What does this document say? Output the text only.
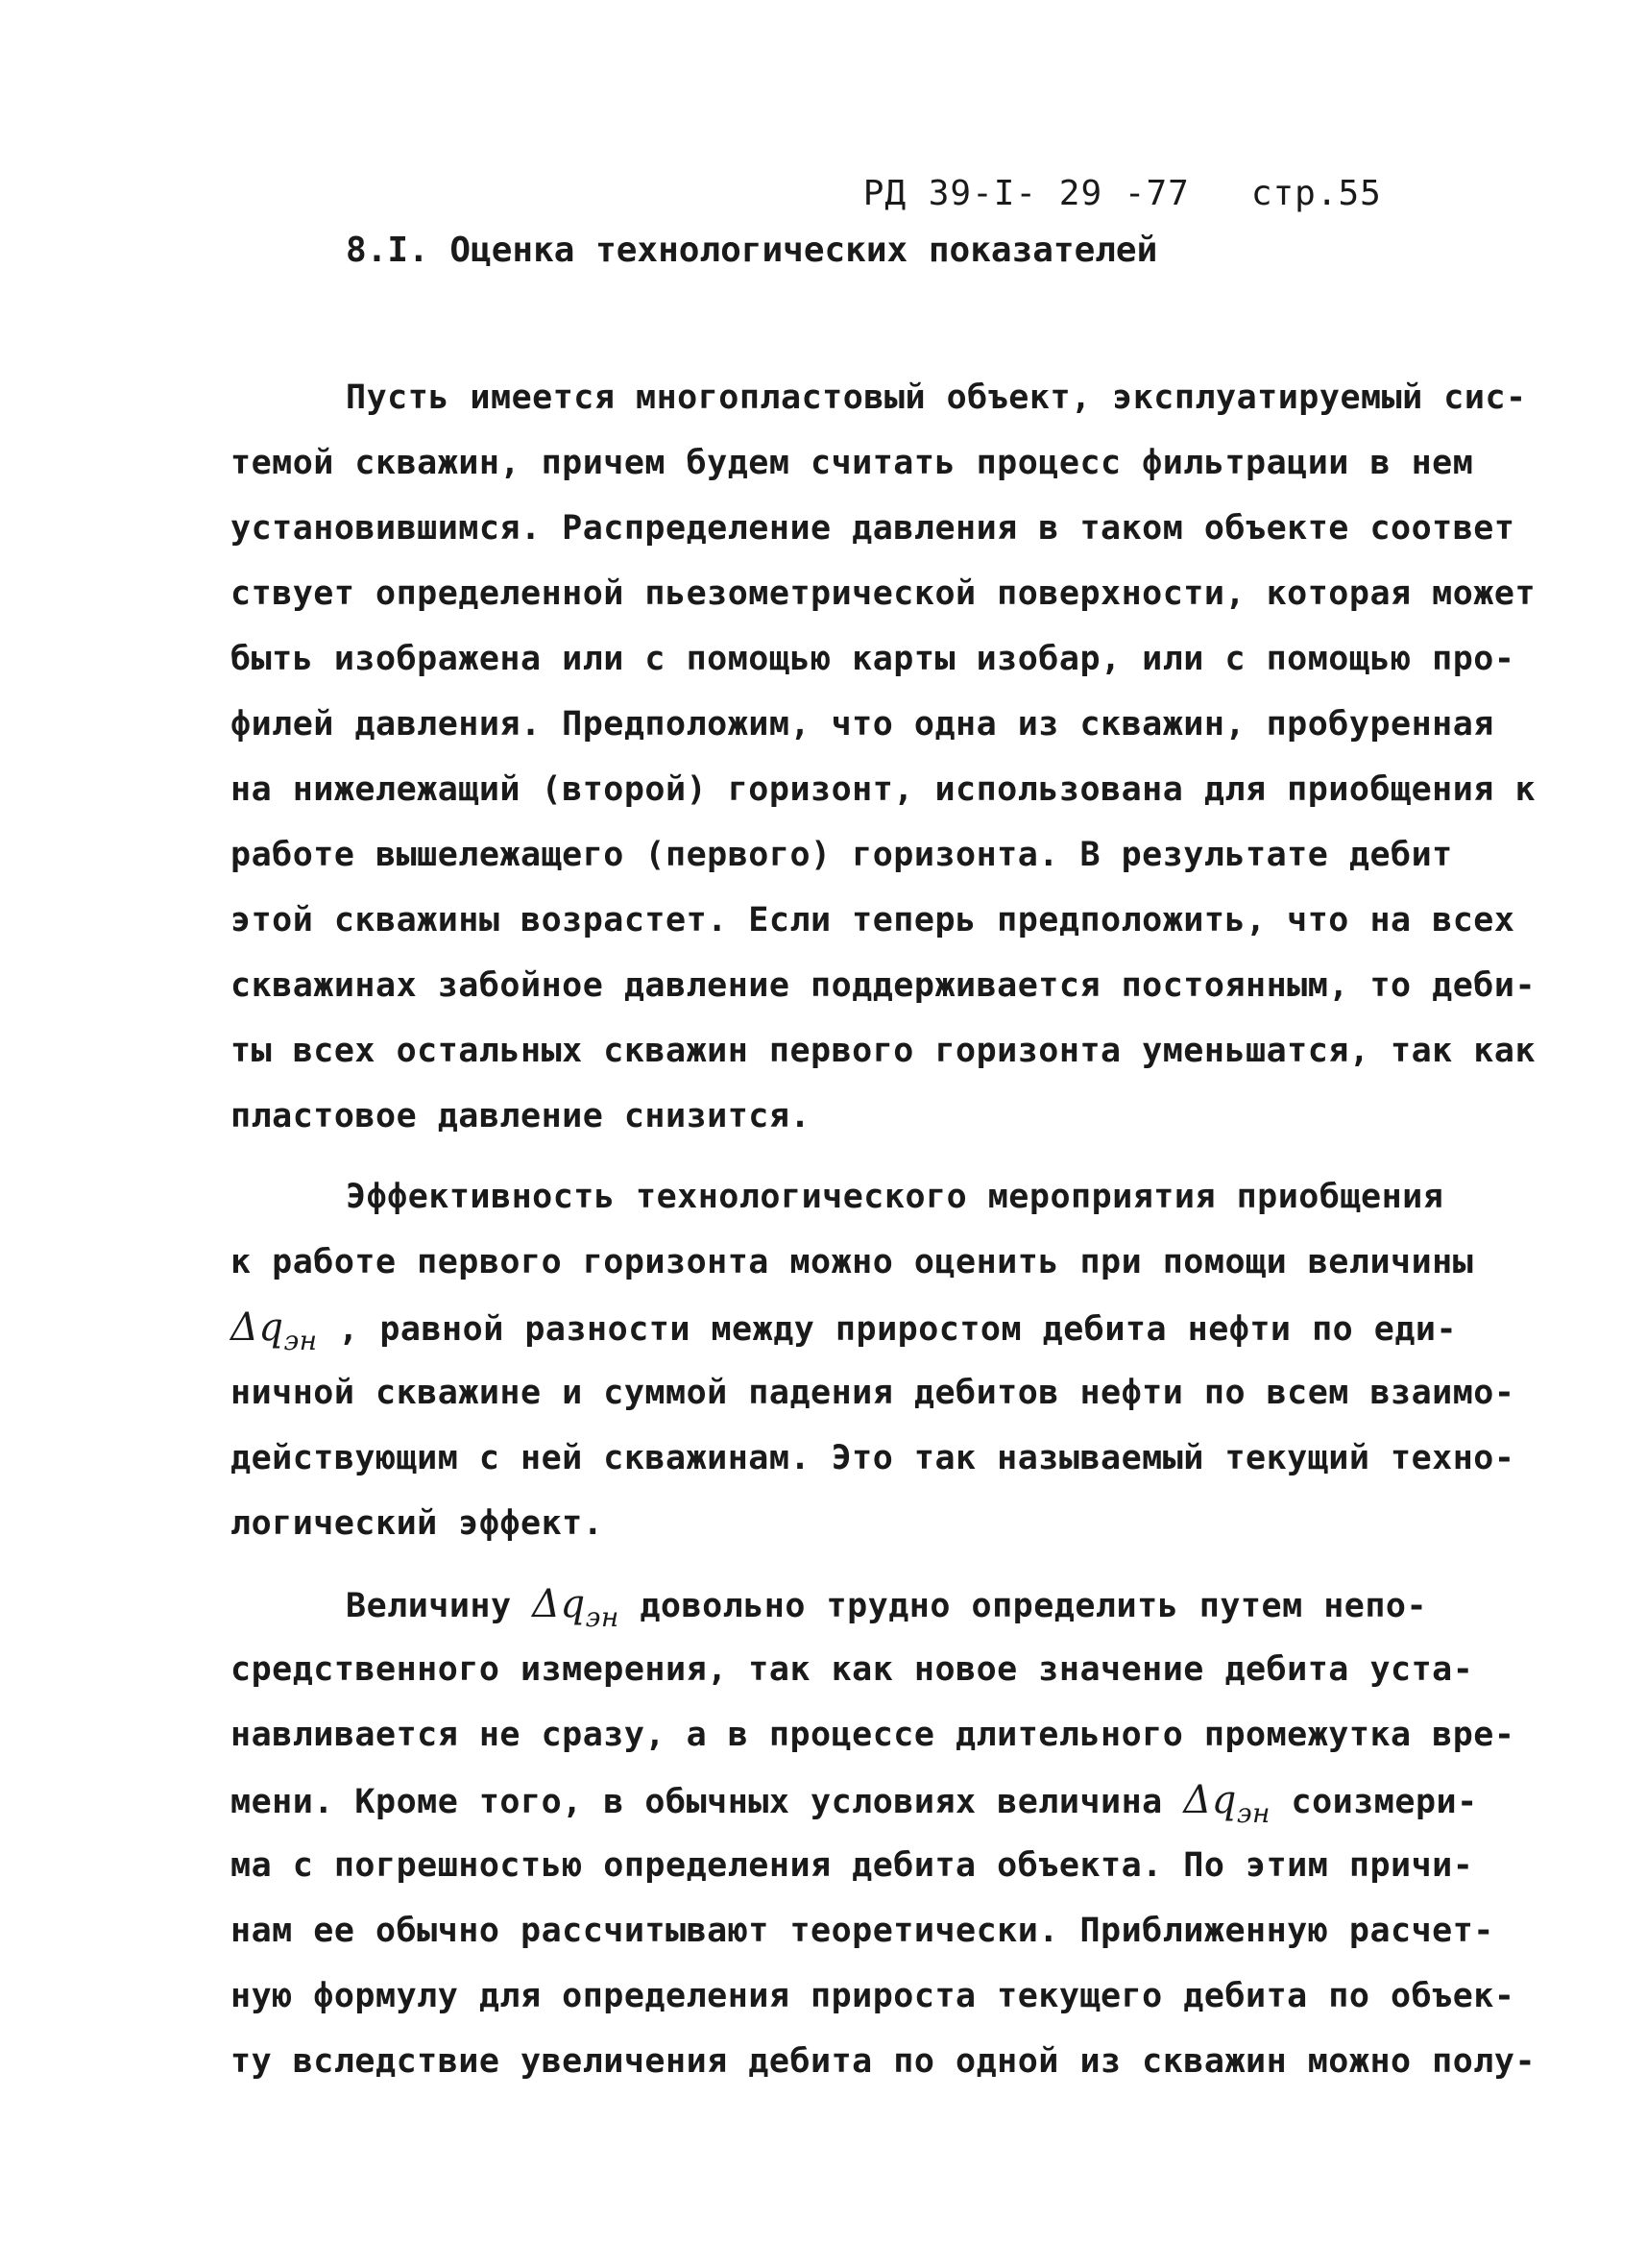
РД 39-I- 29 -77 стр.55

8.I. Оценка технологических показателей
Пусть имеется многопластовый объект, эксплуатируемый сис-
темой скважин, причем будем считать процесс фильтрации в нем
установившимся. Распределение давления в таком объекте соответ
ствует определенной пьезометрической поверхности, которая может
быть изображена или с помощью карты изобар, или с помощью про-
филей давления. Предположим, что одна из скважин, пробуренная
на нижележащий (второй) горизонт, использована для приобщения к
работе вышележащего (первого) горизонта. В результате дебит
этой скважины возрастет. Если теперь предположить, что на всех
скважинах забойное давление поддерживается постоянным, то деби-
ты всех остальных скважин первого горизонта уменьшатся, так как
пластовое давление снизится.
Эффективность технологического мероприятия приобщения
к работе первого горизонта можно оценить при помощи величины
$\Delta q_{эн}$ , равной разности между приростом дебита нефти по еди-
ничной скважине и суммой падения дебитов нефти по всем взаимо-
действующим с ней скважинам. Это так называемый текущий техно-
логический эффект.
Величину $\Delta q_{эн}$ довольно трудно определить путем непо-
средственного измерения, так как новое значение дебита уста-
навливается не сразу, а в процессе длительного промежутка вре-
мени. Кроме того, в обычных условиях величина $\Delta q_{эн}$ соизмери-
ма с погрешностью определения дебита объекта. По этим причи-
нам ее обычно рассчитывают теоретически. Приближенную расчет-
ную формулу для определения прироста текущего дебита по объек-
ту вследствие увеличения дебита по одной из скважин можно полу-
